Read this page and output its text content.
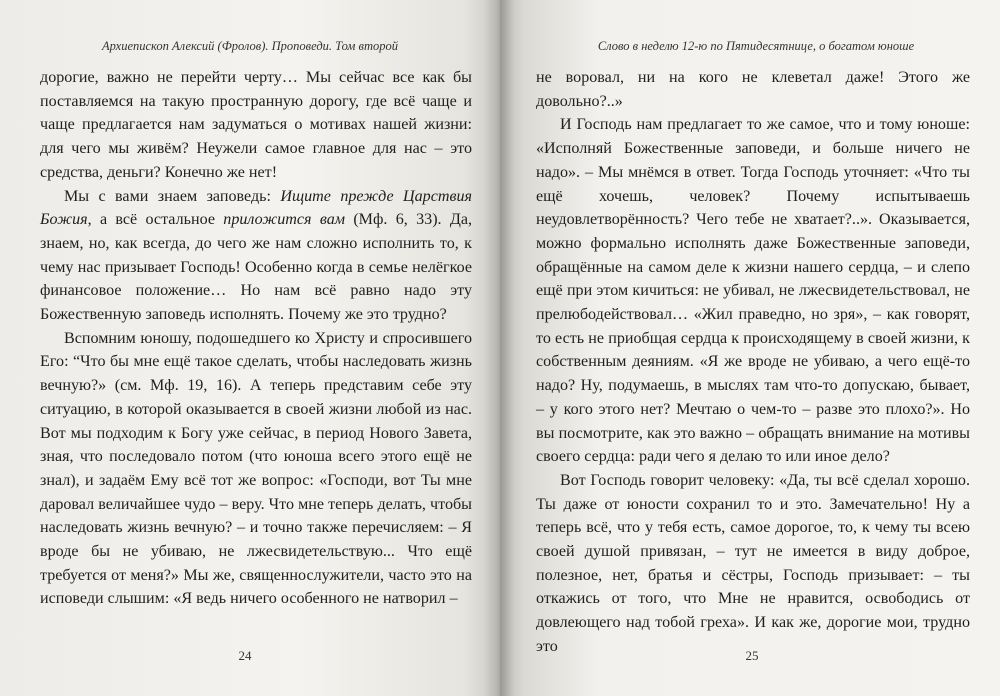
Архиепископ Алексий (Фролов). Проповеди. Том второй

дорогие, важно не перейти черту… Мы сейчас все как бы поставляемся на такую пространную дорогу, где всё чаще и чаще предлагается нам задуматься о мотивах нашей жизни: для чего мы живём? Неужели самое главное для нас – это средства, деньги? Конечно же нет!

Мы с вами знаем заповедь: Ищите прежде Царствия Божия, а всё остальное приложится вам (Мф. 6, 33). Да, знаем, но, как всегда, до чего же нам сложно исполнить то, к чему нас призывает Господь! Особенно когда в семье нелёгкое финансовое положение… Но нам всё равно надо эту Божественную заповедь исполнять. Почему же это трудно?

Вспомним юношу, подошедшего ко Христу и спросившего Его: “Что бы мне ещё такое сделать, чтобы наследовать жизнь вечную?» (см. Мф. 19, 16). А теперь представим себе эту ситуацию, в которой оказывается в своей жизни любой из нас. Вот мы подходим к Богу уже сейчас, в период Нового Завета, зная, что последовало потом (что юноша всего этого ещё не знал), и задаём Ему всё тот же вопрос: «Господи, вот Ты мне даровал величайшее чудо – веру. Что мне теперь делать, чтобы наследовать жизнь вечную? – и точно также перечисляем: – Я вроде бы не убиваю, не лжесвидетельствую... Что ещё требуется от меня?» Мы же, священнослужители, часто это на исповеди слышим: «Я ведь ничего особенного не натворил –

24
Слово в неделю 12-ю по Пятидесятнице, о богатом юноше

не воровал, ни на кого не клеветал даже! Этого же довольно?..»

И Господь нам предлагает то же самое, что и тому юноше: «Исполняй Божественные заповеди, и больше ничего не надо». – Мы мнёмся в ответ. Тогда Господь уточняет: «Что ты ещё хочешь, человек? Почему испытываешь неудовлетворённость? Чего тебе не хватает?..». Оказывается, можно формально исполнять даже Божественные заповеди, обращённые на самом деле к жизни нашего сердца, – и слепо ещё при этом кичиться: не убивал, не лжесвидетельствовал, не прелюбодействовал… «Жил праведно, но зря», – как говорят, то есть не приобщая сердца к происходящему в своей жизни, к собственным деяниям. «Я же вроде не убиваю, а чего ещё-то надо? Ну, подумаешь, в мыслях там что-то допускаю, бывает, – у кого этого нет? Мечтаю о чем-то – разве это плохо?». Но вы посмотрите, как это важно – обращать внимание на мотивы своего сердца: ради чего я делаю то или иное дело?

Вот Господь говорит человеку: «Да, ты всё сделал хорошо. Ты даже от юности сохранил то и это. Замечательно! Ну а теперь всё, что у тебя есть, самое дорогое, то, к чему ты всею своей душой привязан, – тут не имеется в виду доброе, полезное, нет, братья и сёстры, Господь призывает: – ты откажись от того, что Мне не нравится, освободись от довлеющего над тобой греха». И как же, дорогие мои, трудно это

25
